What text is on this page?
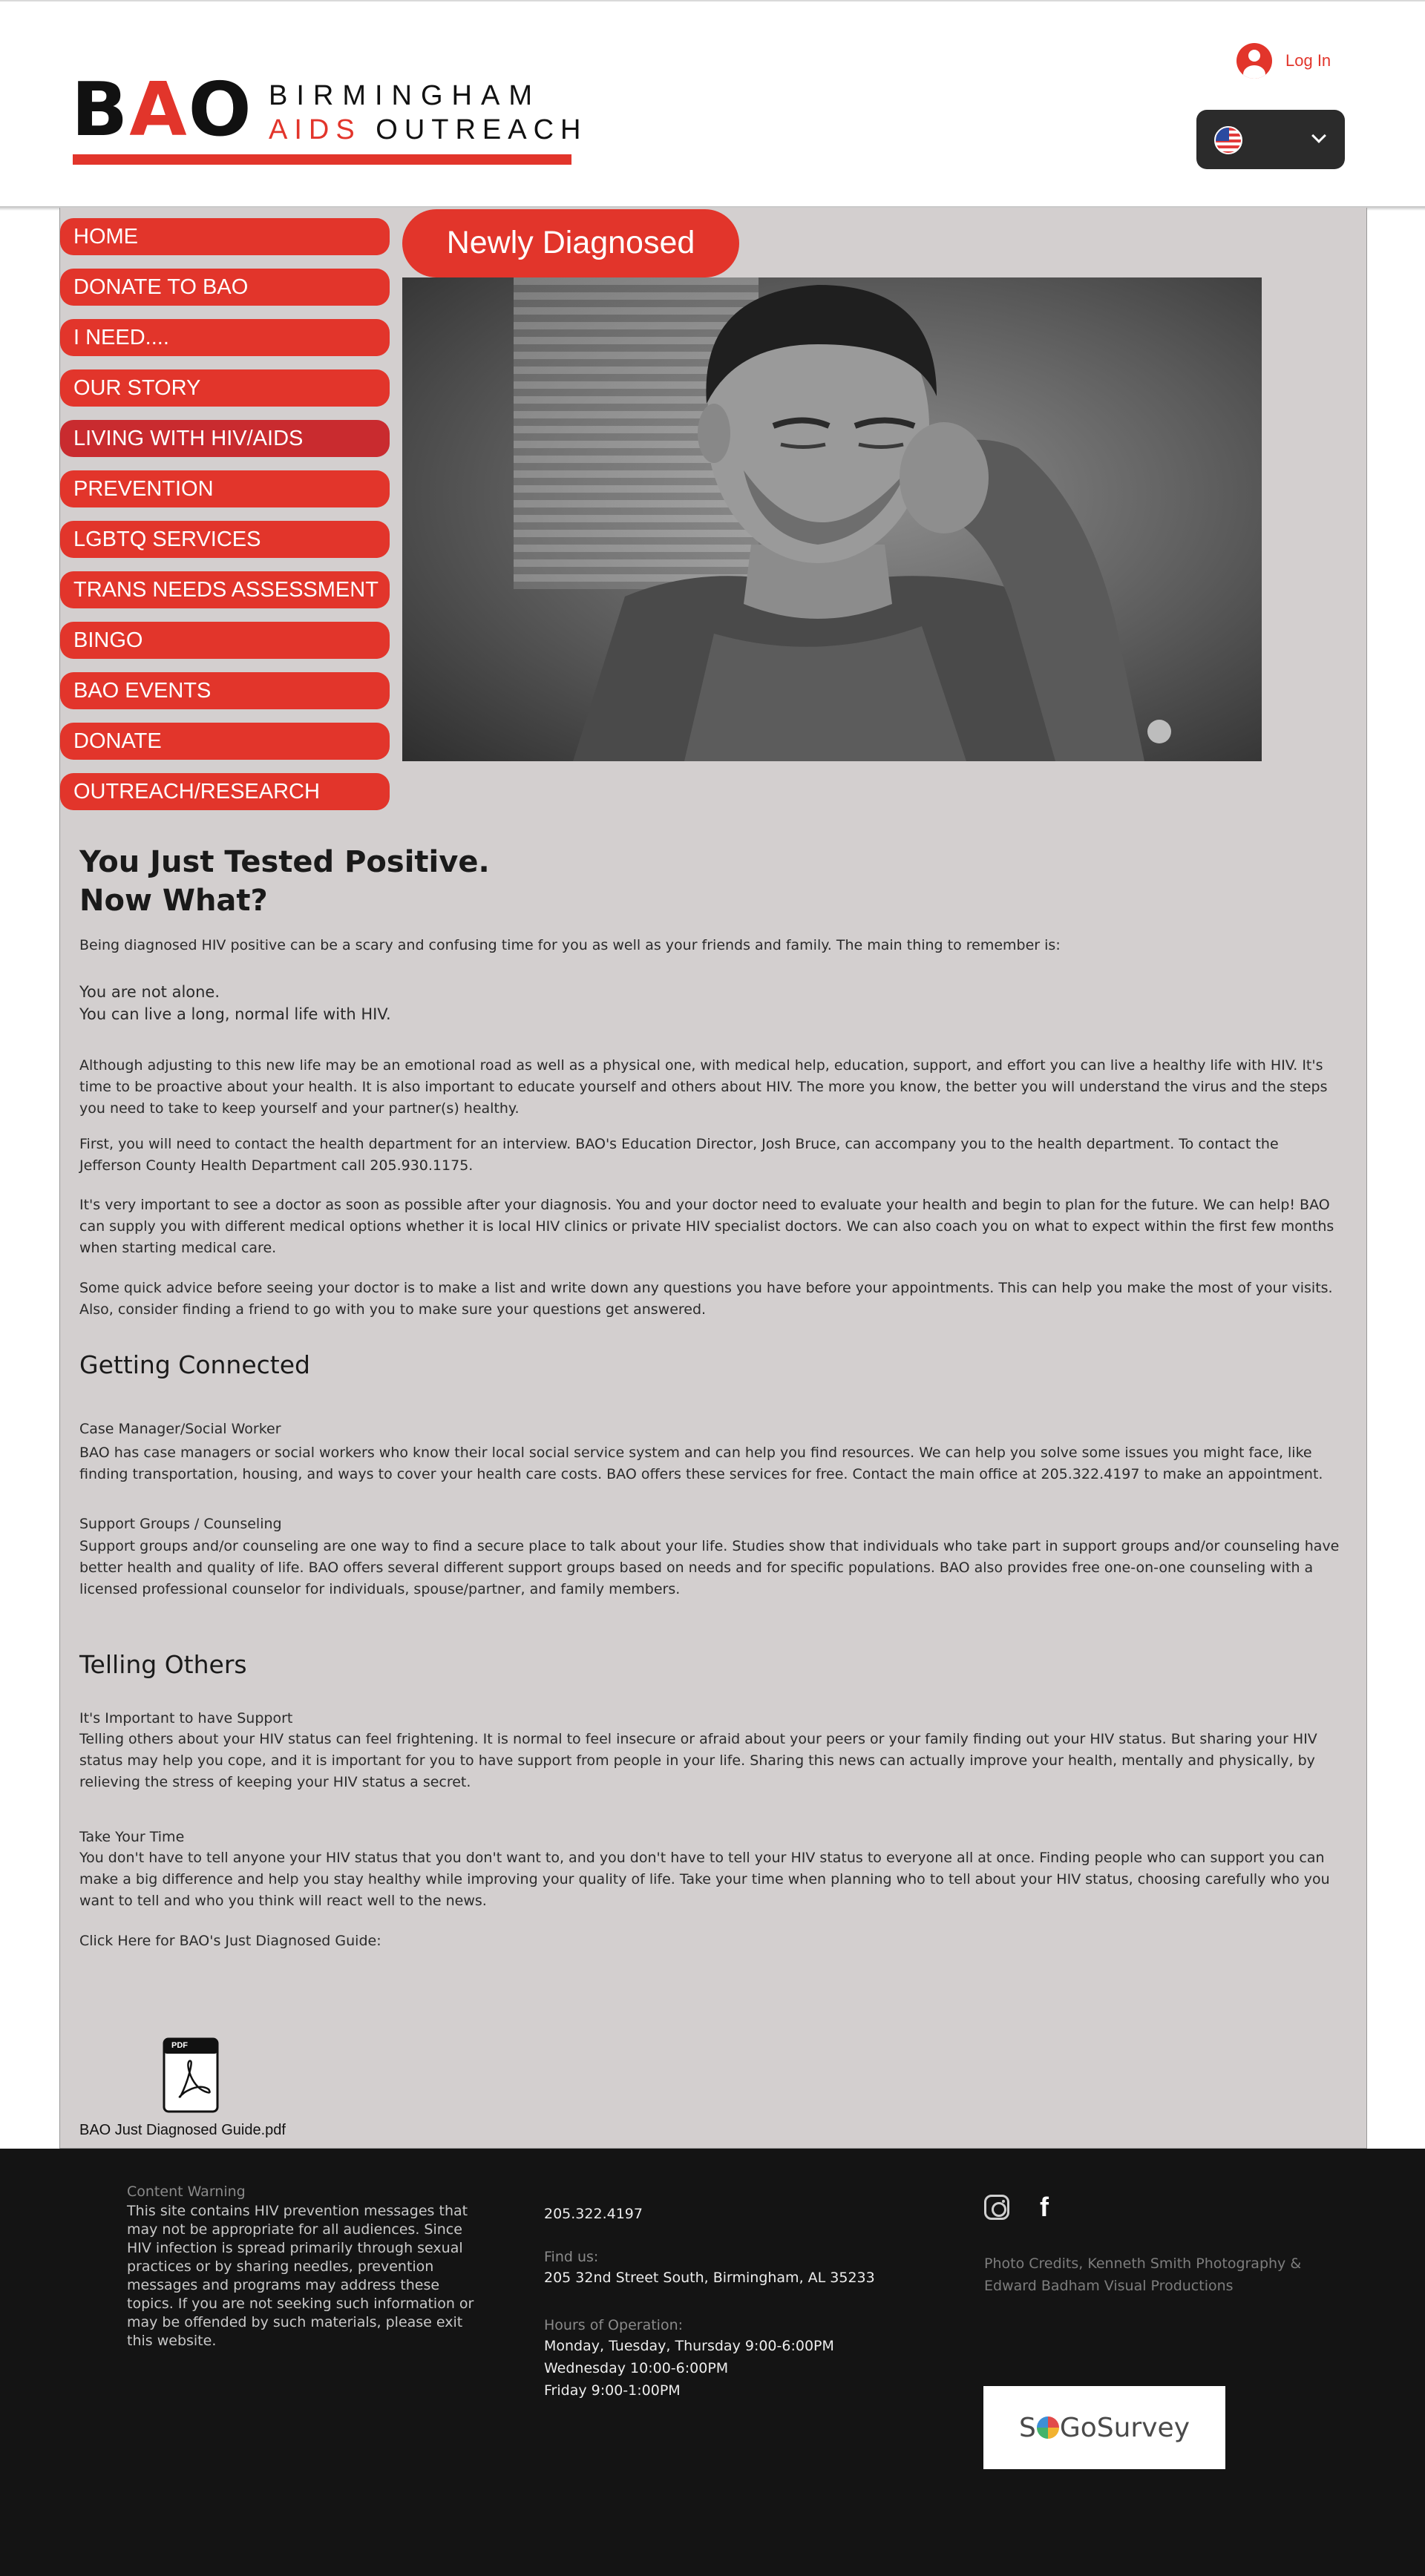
BAO BIRMINGHAM
AIDS OUTREACH
Log In
HOME
DONATE TO BAO
I NEED....
OUR STORY
LIVING WITH HIV/AIDS
PREVENTION
LGBTQ SERVICES
TRANS NEEDS ASSESSMENT
BINGO
BAO EVENTS
DONATE
OUTREACH/RESEARCH
Newly Diagnosed
You Just Tested Positive.
Now What?
Being diagnosed HIV positive can be a scary and confusing time for you as well as your friends and family. The main thing to remember is:
You are not alone.
You can live a long, normal life with HIV.
Although adjusting to this new life may be an emotional road as well as a physical one, with medical help, education, support, and effort you can live a healthy life with HIV. It's time to be proactive about your health. It is also important to educate yourself and others about HIV. The more you know, the better you will understand the virus and the steps you need to take to keep yourself and your partner(s) healthy.
First, you will need to contact the health department for an interview. BAO's Education Director, Josh Bruce, can accompany you to the health department. To contact the Jefferson County Health Department call 205.930.1175.
It's very important to see a doctor as soon as possible after your diagnosis. You and your doctor need to evaluate your health and begin to plan for the future. We can help! BAO can supply you with different medical options whether it is local HIV clinics or private HIV specialist doctors. We can also coach you on what to expect within the first few months when starting medical care.
Some quick advice before seeing your doctor is to make a list and write down any questions you have before your appointments. This can help you make the most of your visits. Also, consider finding a friend to go with you to make sure your questions get answered.
Getting Connected
Case Manager/Social Worker
BAO has case managers or social workers who know their local social service system and can help you find resources. We can help you solve some issues you might face, like finding transportation, housing, and ways to cover your health care costs. BAO offers these services for free. Contact the main office at 205.322.4197 to make an appointment.
Support Groups / Counseling
Support groups and/or counseling are one way to find a secure place to talk about your life. Studies show that individuals who take part in support groups and/or counseling have better health and quality of life. BAO offers several different support groups based on needs and for specific populations. BAO also provides free one-on-one counseling with a licensed professional counselor for individuals, spouse/partner, and family members.
Telling Others
It's Important to have Support
Telling others about your HIV status can feel frightening. It is normal to feel insecure or afraid about your peers or your family finding out your HIV status. But sharing your HIV status may help you cope, and it is important for you to have support from people in your life. Sharing this news can actually improve your health, mentally and physically, by relieving the stress of keeping your HIV status a secret.
Take Your Time
You don't have to tell anyone your HIV status that you don't want to, and you don't have to tell your HIV status to everyone all at once. Finding people who can support you can make a big difference and help you stay healthy while improving your quality of life. Take your time when planning who to tell about your HIV status, choosing carefully who you want to tell and who you think will react well to the news.
Click Here for BAO's Just Diagnosed Guide:
PDF
BAO Just Diagnosed Guide.pdf
Content Warning
This site contains HIV prevention messages that may not be appropriate for all audiences. Since HIV infection is spread primarily through sexual practices or by sharing needles, prevention messages and programs may address these topics. If you are not seeking such information or may be offended by such materials, please exit this website.
205.322.4197
Find us:
205 32nd Street South, Birmingham, AL 35233
Hours of Operation:
Monday, Tuesday, Thursday 9:00-6:00PM
Wednesday 10:00-6:00PM
Friday 9:00-1:00PM
f
Photo Credits, Kenneth Smith Photography & Edward Badham Visual Productions
S GoSurvey
